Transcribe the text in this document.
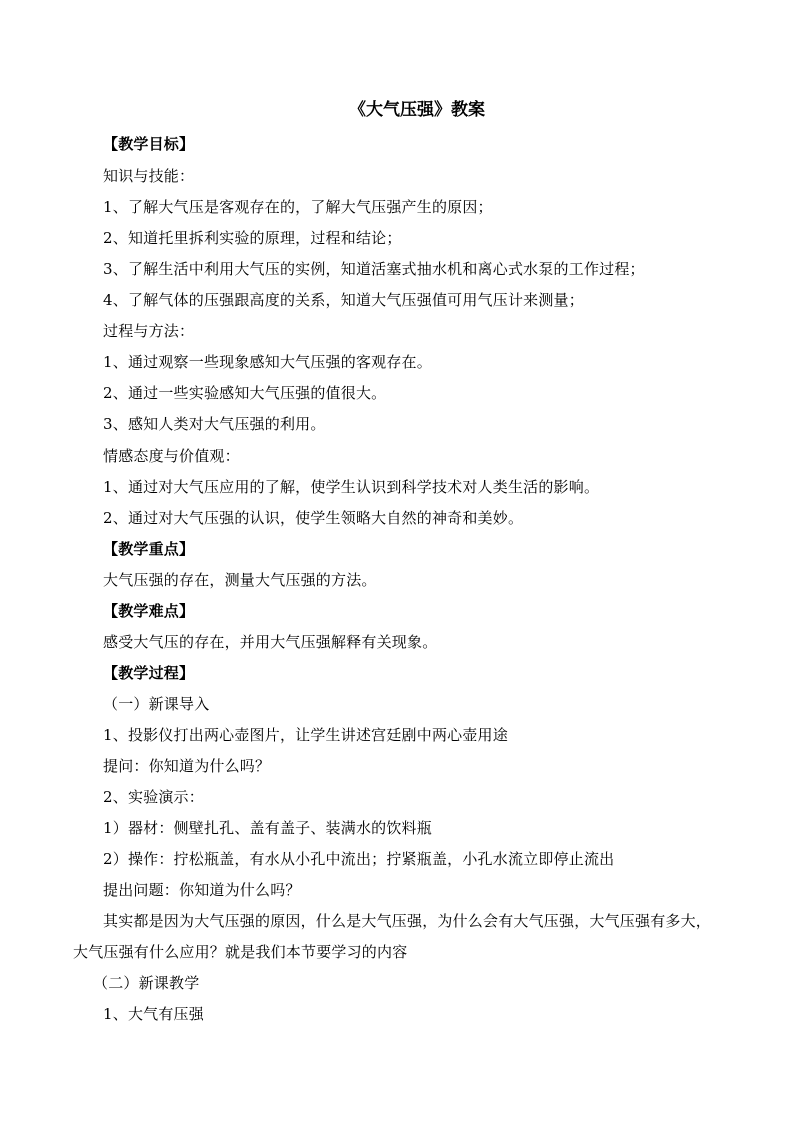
《大气压强》教案
【教学目标】
知识与技能：
1、了解大气压是客观存在的，了解大气压强产生的原因；
2、知道托里拆利实验的原理，过程和结论；
3、了解生活中利用大气压的实例，知道活塞式抽水机和离心式水泵的工作过程；
4、了解气体的压强跟高度的关系，知道大气压强值可用气压计来测量；
过程与方法：
1、通过观察一些现象感知大气压强的客观存在。
2、通过一些实验感知大气压强的值很大。
3、感知人类对大气压强的利用。
情感态度与价值观：
1、通过对大气压应用的了解，使学生认识到科学技术对人类生活的影响。
2、通过对大气压强的认识，使学生领略大自然的神奇和美妙。
【教学重点】
大气压强的存在，测量大气压强的方法。
【教学难点】
感受大气压的存在，并用大气压强解释有关现象。
【教学过程】
（一）新课导入
1、投影仪打出两心壶图片，让学生讲述宫廷剧中两心壶用途
提问：你知道为什么吗？
2、实验演示：
1）器材：侧壁扎孔、盖有盖子、装满水的饮料瓶
2）操作：拧松瓶盖，有水从小孔中流出；拧紧瓶盖，小孔水流立即停止流出
提出问题：你知道为什么吗？
其实都是因为大气压强的原因，什么是大气压强，为什么会有大气压强，大气压强有多大，大气压强有什么应用？就是我们本节要学习的内容
（二）新课教学
1、大气有压强
